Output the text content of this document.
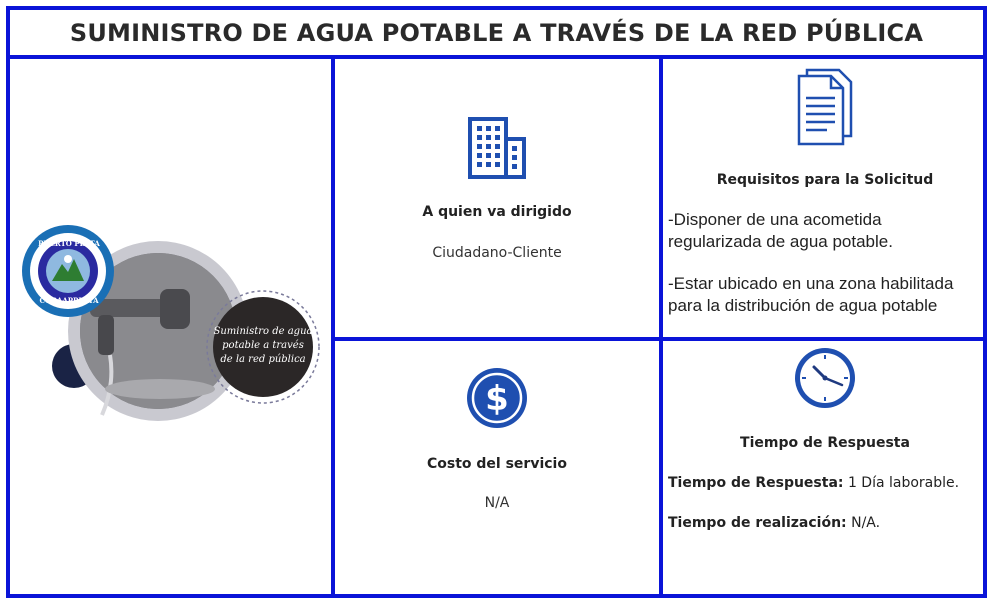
SUMINISTRO DE AGUA POTABLE A TRAVÉS DE LA RED PÚBLICA
PUERTO PLATA
CORAAPPLATA
Suministro de agua
potable a través
de la red pública
A quien va dirigido
Ciudadano-Cliente
Requisitos para la Solicitud
-Disponer de una acometida regularizada de agua potable.
-Estar ubicado en una zona habilitada para la distribución de agua potable
$
Costo del servicio
N/A
Tiempo de Respuesta
Tiempo de Respuesta: 1 Día laborable.
Tiempo de realización: N/A.
